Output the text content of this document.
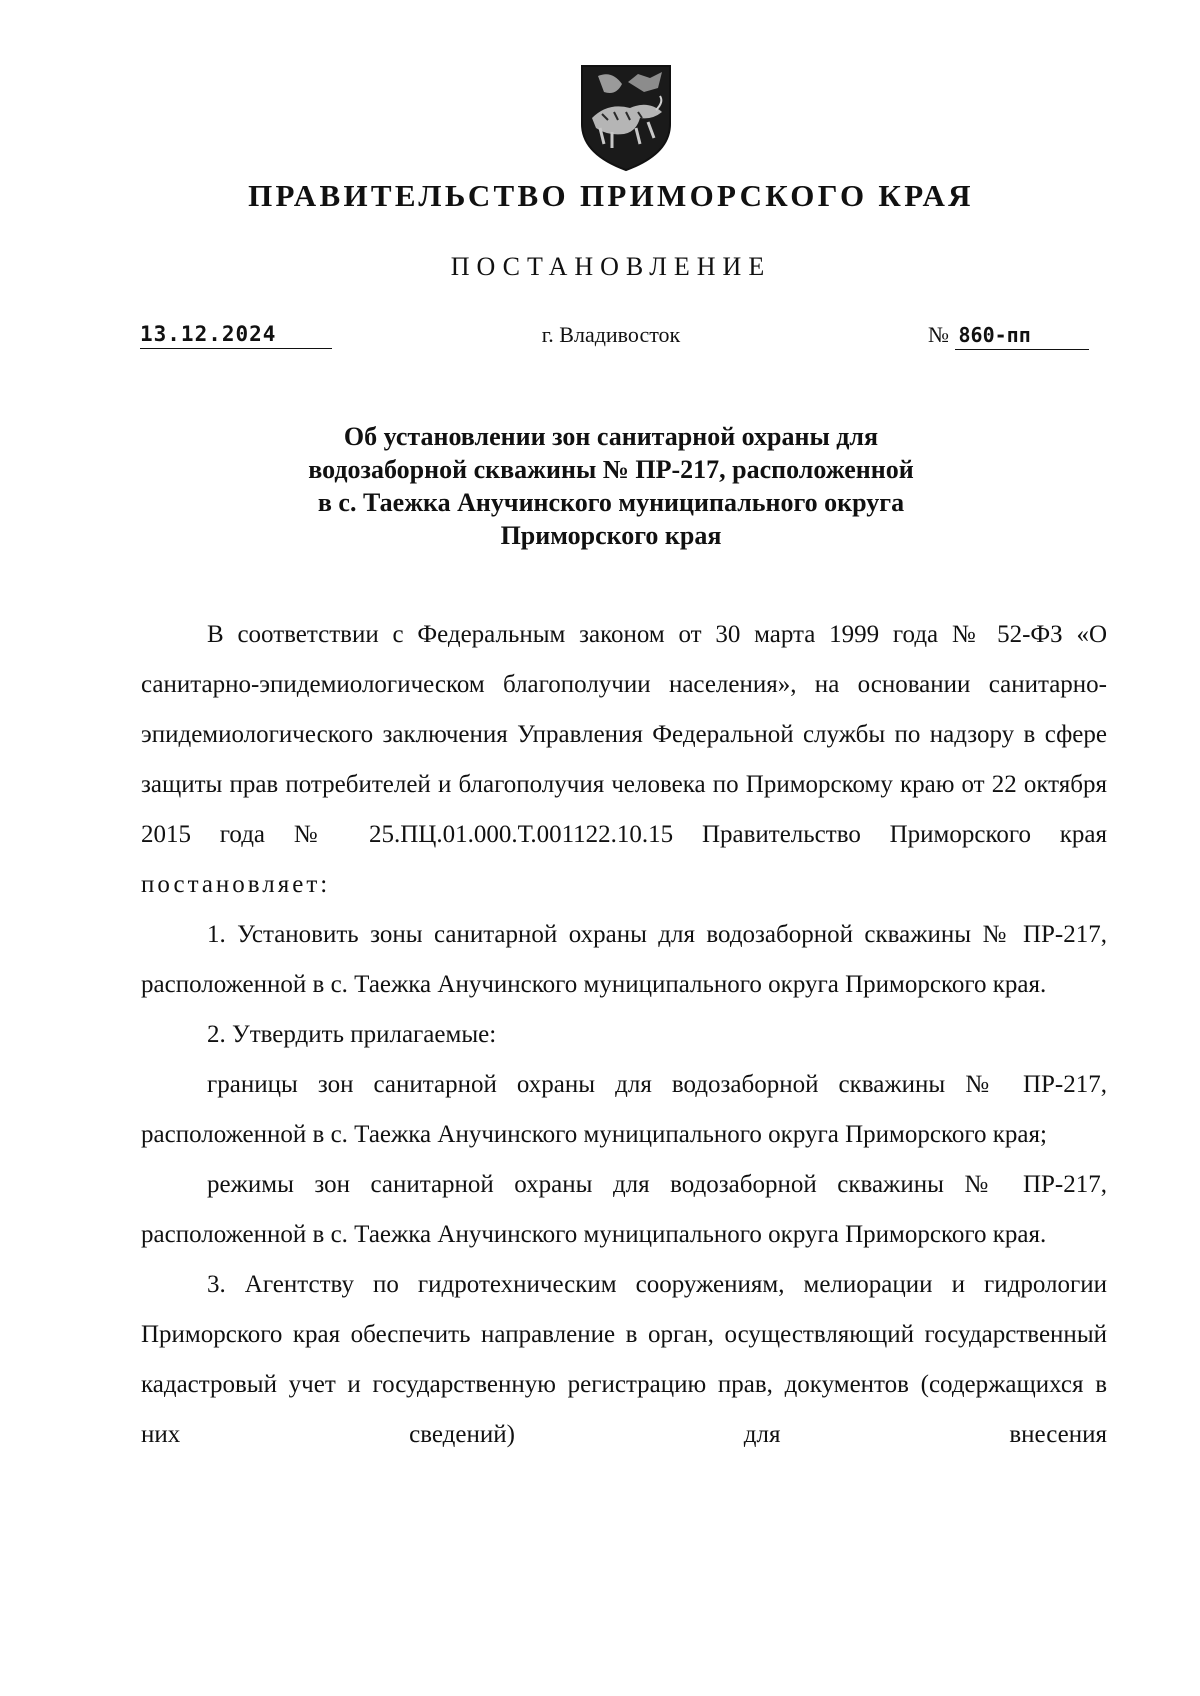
ПРАВИТЕЛЬСТВО ПРИМОРСКОГО КРАЯ
ПОСТАНОВЛЕНИЕ
13.12.2024	г. Владивосток	№ 860-пп
Об установлении зон санитарной охраны для
водозаборной скважины № ПР-217, расположенной
в с. Таежка Анучинского муниципального округа
Приморского края

В соответствии с Федеральным законом от 30 марта 1999 года № 52-ФЗ «О санитарно-эпидемиологическом благополучии населения», на основании санитарно-эпидемиологического заключения Управления Федеральной службы по надзору в сфере защиты прав потребителей и благополучия человека по Приморскому краю от 22 октября 2015 года № 25.ПЦ.01.000.Т.001122.10.15 Правительство Приморского края постановляет:

1. Установить зоны санитарной охраны для водозаборной скважины № ПР-217, расположенной в с. Таежка Анучинского муниципального округа Приморского края.

2. Утвердить прилагаемые:

границы зон санитарной охраны для водозаборной скважины № ПР-217, расположенной в с. Таежка Анучинского муниципального округа Приморского края;

режимы зон санитарной охраны для водозаборной скважины № ПР-217, расположенной в с. Таежка Анучинского муниципального округа Приморского края.

3. Агентству по гидротехническим сооружениям, мелиорации и гидрологии Приморского края обеспечить направление в орган, осуществляющий государственный кадастровый учет и государственную регистрацию прав, документов (содержащихся в них сведений) для внесения
